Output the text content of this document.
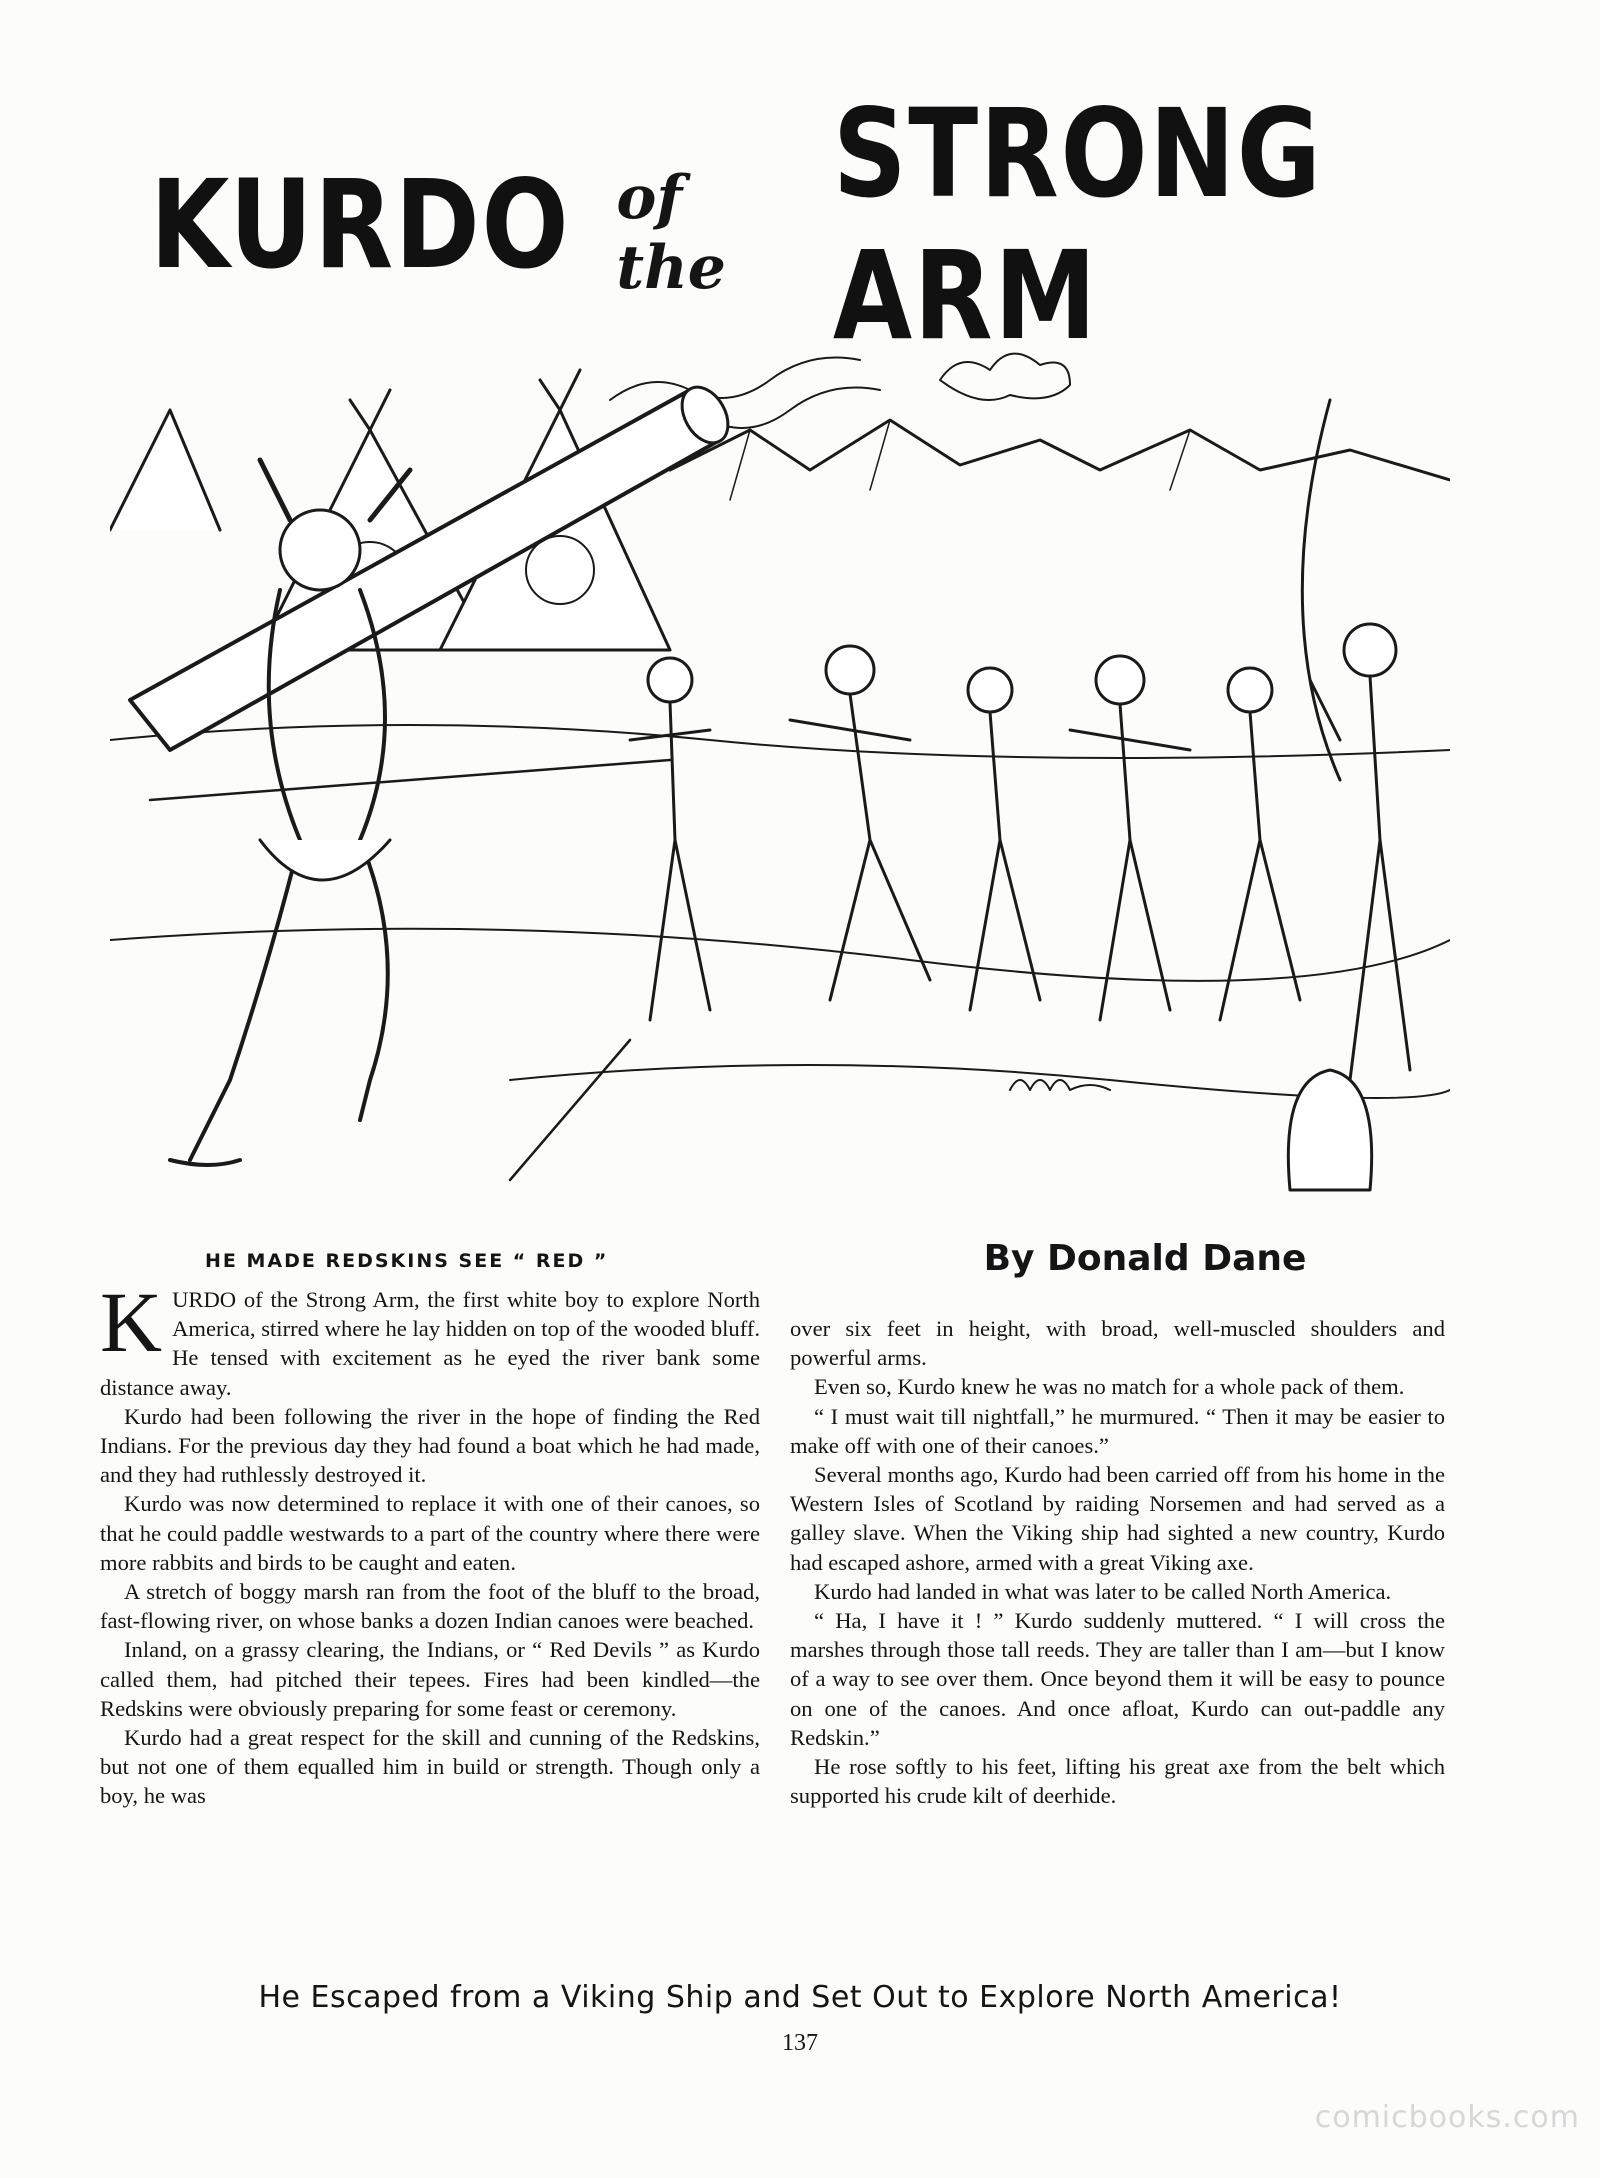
KURDO of the
STRONG ARM
HE MADE REDSKINS SEE “ RED ”	By Donald Dane

KURDO of the Strong Arm, the first white boy to explore North America, stirred where he lay hidden on top of the wooded bluff. He tensed with excitement as he eyed the river bank some distance away.

Kurdo had been following the river in the hope of finding the Red Indians. For the previous day they had found a boat which he had made, and they had ruthlessly destroyed it.

Kurdo was now determined to replace it with one of their canoes, so that he could paddle westwards to a part of the country where there were more rabbits and birds to be caught and eaten.

A stretch of boggy marsh ran from the foot of the bluff to the broad, fast-flowing river, on whose banks a dozen Indian canoes were beached.

Inland, on a grassy clearing, the Indians, or “ Red Devils ” as Kurdo called them, had pitched their tepees. Fires had been kindled—the Redskins were obviously preparing for some feast or ceremony.

Kurdo had a great respect for the skill and cunning of the Redskins, but not one of them equalled him in build or strength. Though only a boy, he was

over six feet in height, with broad, well-muscled shoulders and powerful arms.

Even so, Kurdo knew he was no match for a whole pack of them.

“ I must wait till nightfall,” he murmured. “ Then it may be easier to make off with one of their canoes.”

Several months ago, Kurdo had been carried off from his home in the Western Isles of Scotland by raiding Norsemen and had served as a galley slave. When the Viking ship had sighted a new country, Kurdo had escaped ashore, armed with a great Viking axe.

Kurdo had landed in what was later to be called North America.

“ Ha, I have it ! ” Kurdo suddenly muttered. “ I will cross the marshes through those tall reeds. They are taller than I am—but I know of a way to see over them. Once beyond them it will be easy to pounce on one of the canoes. And once afloat, Kurdo can out-paddle any Redskin.”

He rose softly to his feet, lifting his great axe from the belt which supported his crude kilt of deerhide.

He Escaped from a Viking Ship and Set Out to Explore North America!

137

comicbooks.com
